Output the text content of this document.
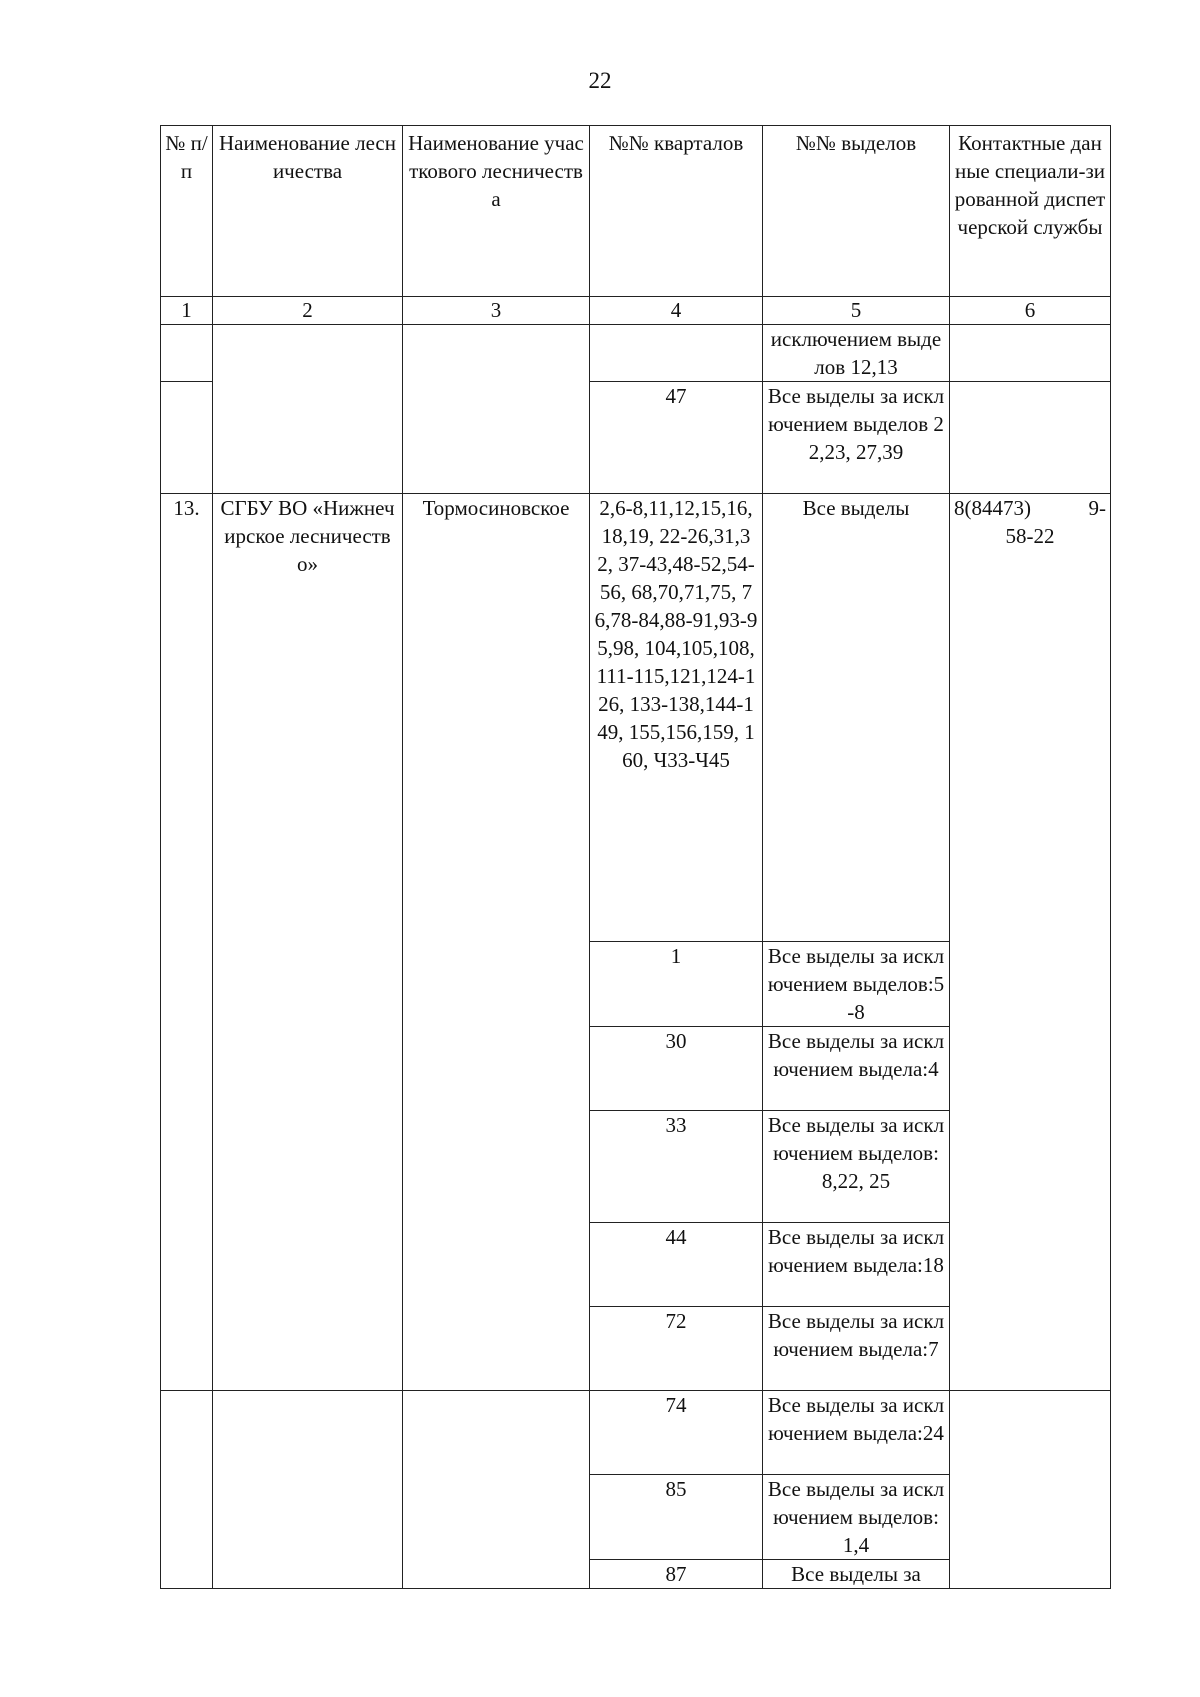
22
№ п/п	Наименование лесничества	Наименование участкового лесничества	№№ кварталов	№№ выделов	Контактные данные специали-зированной диспетчерской службы
1	2	3	4	5	6
				исключением выделов 12,13	
			47	Все выделы за исключением выделов 22,23, 27,39	
13.	СГБУ ВО «Нижнечирское лесничество»	Тормосиновское	2,6-8,11,12,15,16, 18,19, 22-26,31,32, 37-43,48-52,54-56, 68,70,71,75, 76,78-84,88-91,93-95,98, 104,105,108, 111-115,121,124-126, 133-138,144-149, 155,156,159, 160, Ч33-Ч45	Все выделы	8(84473) 9-
58-22

			1	Все выделы за исключением выделов:5-8	
			30	Все выделы за исключением выдела:4	
			33	Все выделы за исключением выделов:8,22, 25	
			44	Все выделы за исключением выдела:18	
			72	Все выделы за исключением выдела:7	
			74	Все выделы за исключением выдела:24	
			85	Все выделы за исключением выделов:1,4	
			87	Все выделы за	
